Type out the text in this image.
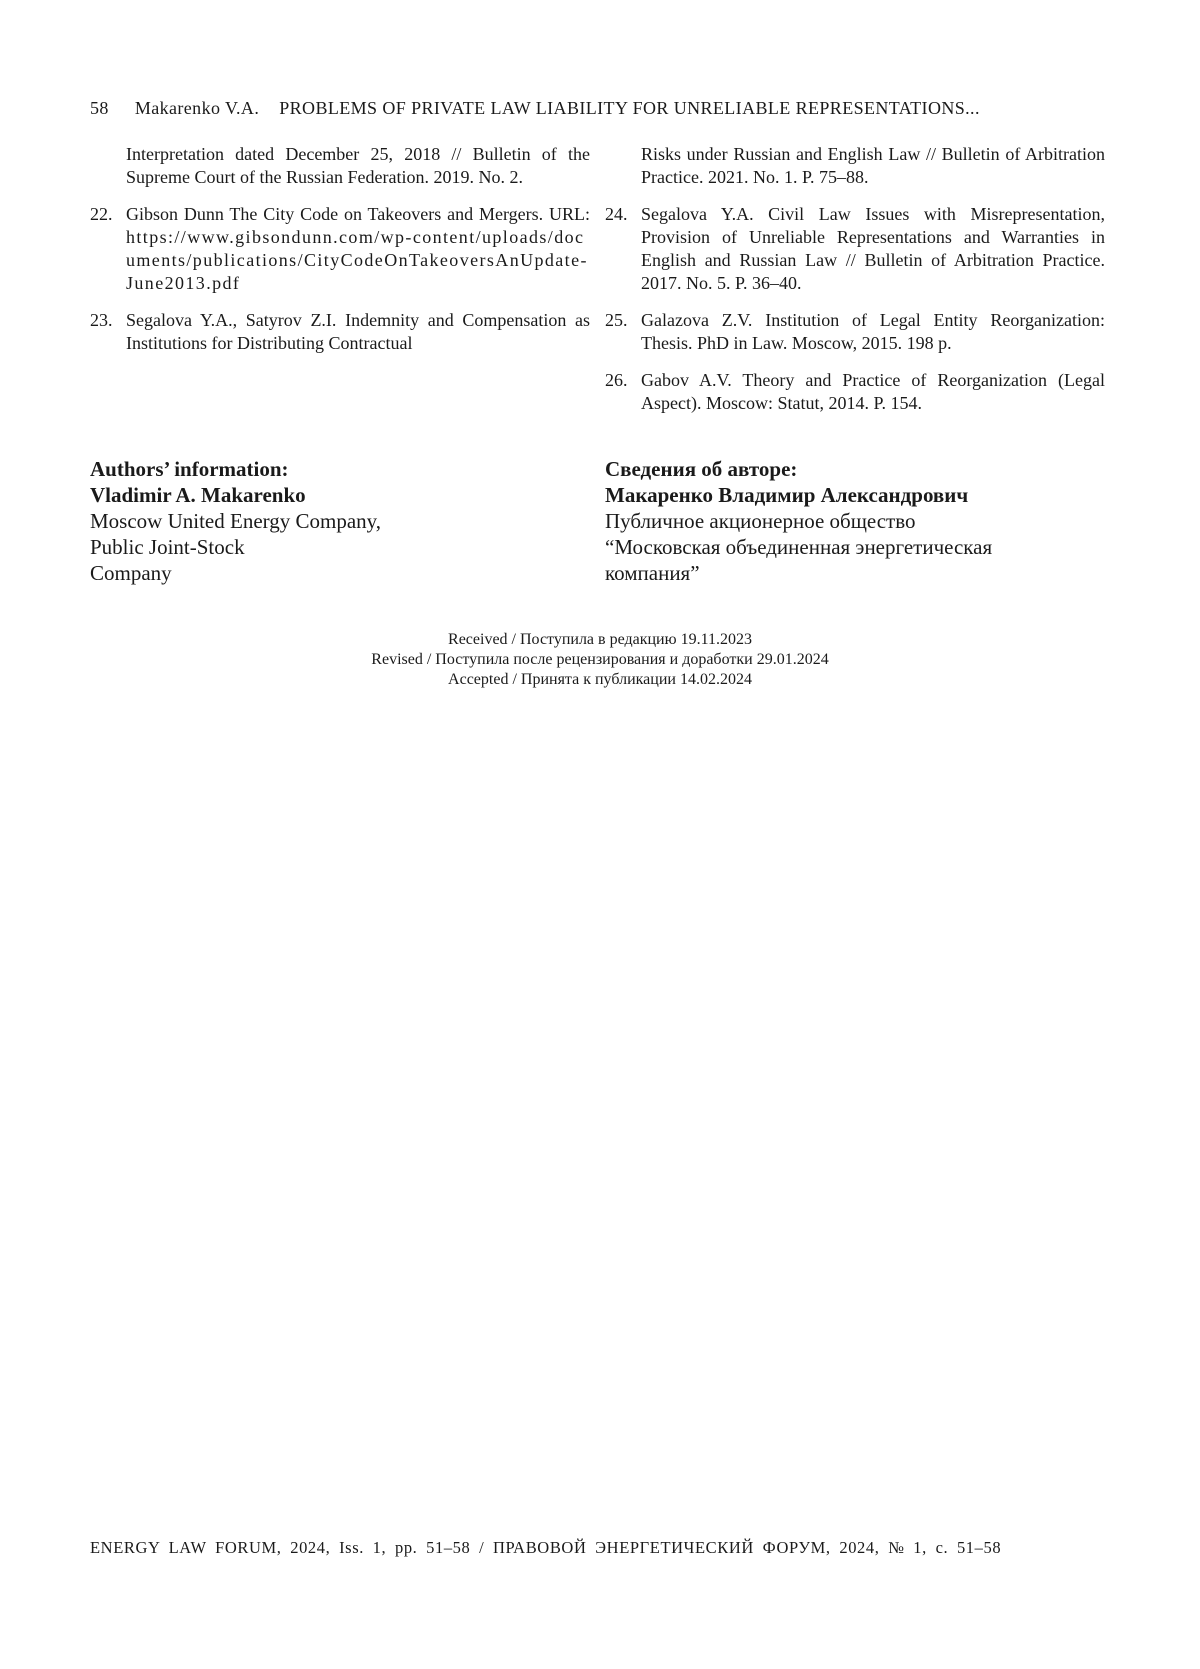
58 Makarenko V.A. PROBLEMS OF PRIVATE LAW LIABILITY FOR UNRELIABLE REPRESENTATIONS...
Interpretation dated December 25, 2018 // Bulletin of the Supreme Court of the Russian Federation. 2019. No. 2.
22. Gibson Dunn The City Code on Takeovers and Mergers. URL: https://www.gibsondunn.com/wp-content/uploads/documents/publications/CityCodeOnTakeoversAnUpdate-June2013.pdf
23. Segalova Y.A., Satyrov Z.I. Indemnity and Compensation as Institutions for Distributing Contractual
Risks under Russian and English Law // Bulletin of Arbitration Practice. 2021. No. 1. P. 75–88.
24. Segalova Y.A. Civil Law Issues with Misrepresentation, Provision of Unreliable Representations and Warranties in English and Russian Law // Bulletin of Arbitration Practice. 2017. No. 5. P. 36–40.
25. Galazova Z.V. Institution of Legal Entity Reorganization: Thesis. PhD in Law. Moscow, 2015. 198 p.
26. Gabov A.V. Theory and Practice of Reorganization (Legal Aspect). Moscow: Statut, 2014. P. 154.
Authors’ information:
Vladimir A. Makarenko
Moscow United Energy Company,
Public Joint-Stock
Company
Сведения об авторе:
Макаренко Владимир Александрович
Публичное акционерное общество
“Московская объединенная энергетическая
компания”
Received / Поступила в редакцию 19.11.2023
Revised / Поступила после рецензирования и доработки 29.01.2024
Accepted / Принята к публикации 14.02.2024
ENERGY LAW FORUM, 2024, Iss. 1, pp. 51–58 / ПРАВОВОЙ ЭНЕРГЕТИЧЕСКИЙ ФОРУМ, 2024, № 1, с. 51–58
